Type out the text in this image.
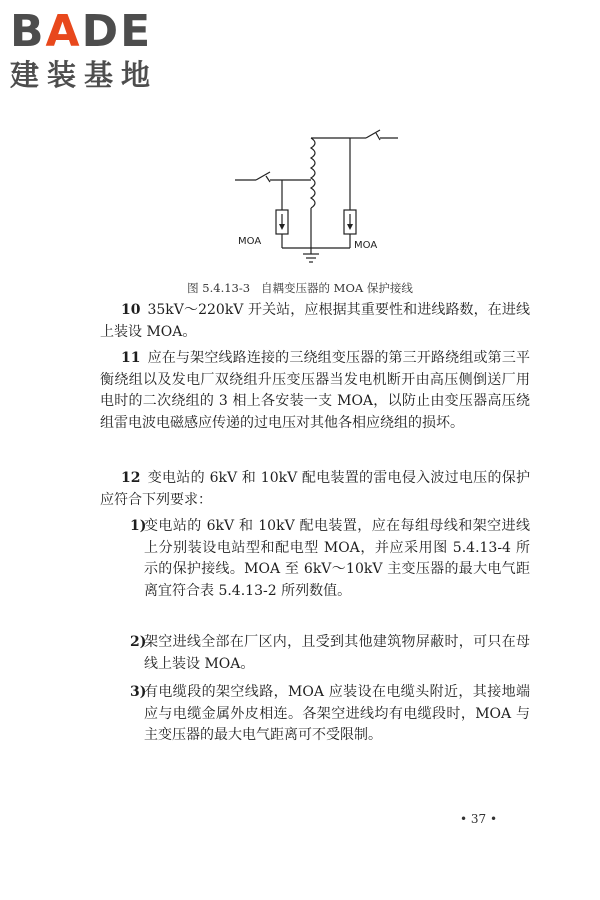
BADE
建装基地
MOA	MOA
图 5.4.13-3 自耦变压器的 MOA 保护接线
  10  35kV～220kV 开关站，应根据其重要性和进线路数，在进线上装设 MOA。
  11  应在与架空线路连接的三绕组变压器的第三开路绕组或第三平衡绕组以及发电厂双绕组升压变压器当发电机断开由高压侧倒送厂用电时的二次绕组的 3 相上各安装一支 MOA，以防止由变压器高压绕组雷电波电磁感应传递的过电压对其他各相应绕组的损坏。
  12  变电站的 6kV 和 10kV 配电装置的雷电侵入波过电压的保护应符合下列要求：
1)
变电站的 6kV 和 10kV 配电装置，应在每组母线和架空进线上分别装设电站型和配电型 MOA，并应采用图 5.4.13-4 所示的保护接线。MOA 至 6kV～10kV 主变压器的最大电气距离宜符合表 5.4.13-2 所列数值。
2)
架空进线全部在厂区内，且受到其他建筑物屏蔽时，可只在母线上装设 MOA。
3)
有电缆段的架空线路，MOA 应装设在电缆头附近，其接地端应与电缆金属外皮相连。各架空进线均有电缆段时，MOA 与主变压器的最大电气距离可不受限制。
• 37 •
